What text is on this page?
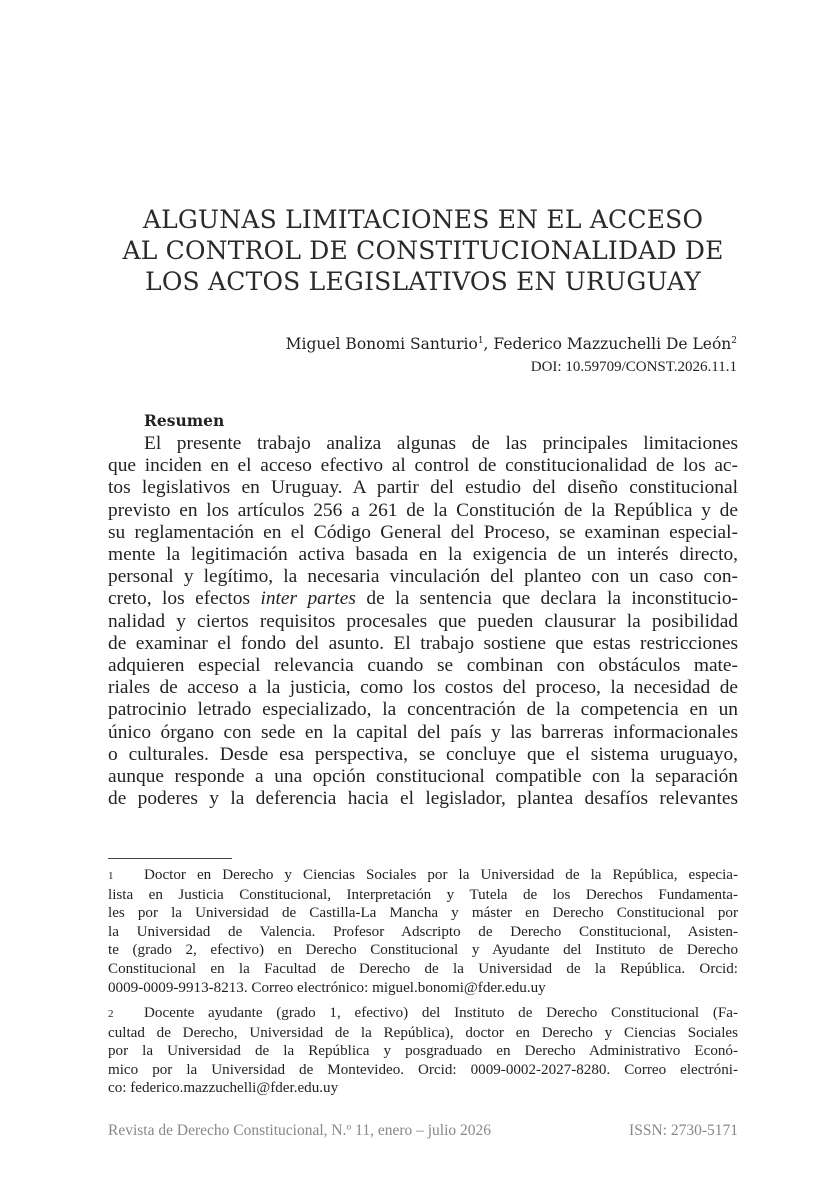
ALGUNAS LIMITACIONES EN EL ACCESO
AL CONTROL DE CONSTITUCIONALIDAD DE
LOS ACTOS LEGISLATIVOS EN URUGUAY
Miguel Bonomi Santurio$^1$, Federico Mazzuchelli De León$^2$
DOI: 10.59709/CONST.2026.11.1
Resumen
El presente trabajo analiza algunas de las principales limitaciones
que inciden en el acceso efectivo al control de constitucionalidad de los ac-
tos legislativos en Uruguay. A partir del estudio del diseño constitucional
previsto en los artículos 256 a 261 de la Constitución de la República y de
su reglamentación en el Código General del Proceso, se examinan especial-
mente la legitimación activa basada en la exigencia de un interés directo,
personal y legítimo, la necesaria vinculación del planteo con un caso con-
creto, los efectos inter partes de la sentencia que declara la inconstitucio-
nalidad y ciertos requisitos procesales que pueden clausurar la posibilidad
de examinar el fondo del asunto. El trabajo sostiene que estas restricciones
adquieren especial relevancia cuando se combinan con obstáculos mate-
riales de acceso a la justicia, como los costos del proceso, la necesidad de
patrocinio letrado especializado, la concentración de la competencia en un
único órgano con sede en la capital del país y las barreras informacionales
o culturales. Desde esa perspectiva, se concluye que el sistema uruguayo,
aunque responde a una opción constitucional compatible con la separación
de poderes y la deferencia hacia el legislador, plantea desafíos relevantes
1 Doctor en Derecho y Ciencias Sociales por la Universidad de la República, especia-
lista en Justicia Constitucional, Interpretación y Tutela de los Derechos Fundamenta-
les por la Universidad de Castilla-La Mancha y máster en Derecho Constitucional por
la Universidad de Valencia. Profesor Adscripto de Derecho Constitucional, Asisten-
te (grado 2, efectivo) en Derecho Constitucional y Ayudante del Instituto de Derecho
Constitucional en la Facultad de Derecho de la Universidad de la República. Orcid:
0009-0009-9913-8213. Correo electrónico: miguel.bonomi@fder.edu.uy
2 Docente ayudante (grado 1, efectivo) del Instituto de Derecho Constitucional (Fa-
cultad de Derecho, Universidad de la República), doctor en Derecho y Ciencias Sociales
por la Universidad de la República y posgraduado en Derecho Administrativo Econó-
mico por la Universidad de Montevideo. Orcid: 0009-0002-2027-8280. Correo electróni-
co: federico.mazzuchelli@fder.edu.uy
Revista de Derecho Constitucional, N.º 11, enero – julio 2026	ISSN: 2730-5171
